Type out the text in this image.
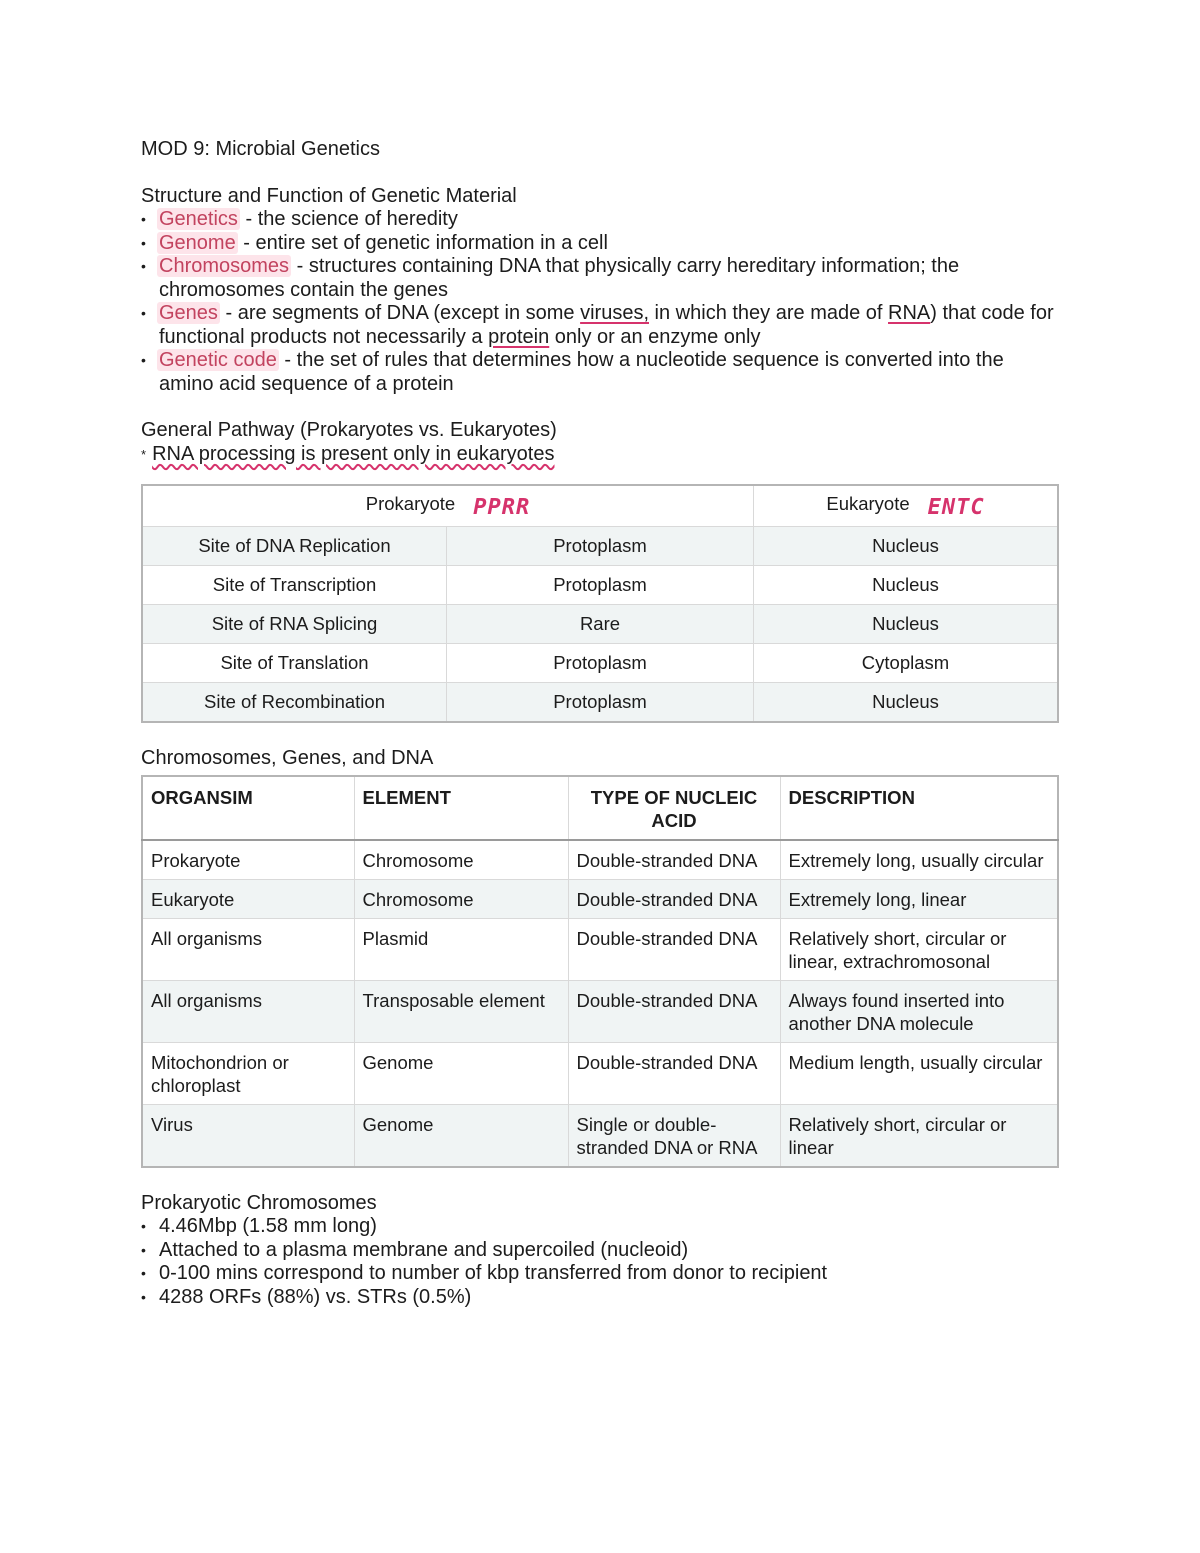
MOD 9: Microbial Genetics
Structure and Function of Genetic Material
• Genetics - the science of heredity
• Genome - entire set of genetic information in a cell
• Chromosomes - structures containing DNA that physically carry hereditary information; the chromosomes contain the genes
• Genes - are segments of DNA (except in some viruses, in which they are made of RNA) that code for functional products not necessarily a protein only or an enzyme only
• Genetic code - the set of rules that determines how a nucleotide sequence is converted into the amino acid sequence of a protein
General Pathway (Prokaryotes vs. Eukaryotes)
* RNA processing is present only in eukaryotes
Prokaryote PPRR		Eukaryote ENTC
Site of DNA Replication	Protoplasm	Nucleus
Site of Transcription	Protoplasm	Nucleus
Site of RNA Splicing	Rare	Nucleus
Site of Translation	Protoplasm	Cytoplasm
Site of Recombination	Protoplasm	Nucleus
Chromosomes, Genes, and DNA
ORGANSIM	ELEMENT	TYPE OF NUCLEIC ACID	DESCRIPTION
Prokaryote	Chromosome	Double-stranded DNA	Extremely long, usually circular
Eukaryote	Chromosome	Double-stranded DNA	Extremely long, linear
All organisms	Plasmid	Double-stranded DNA	Relatively short, circular or linear, extrachromosonal
All organisms	Transposable element	Double-stranded DNA	Always found inserted into another DNA molecule
Mitochondrion or chloroplast	Genome	Double-stranded DNA	Medium length, usually circular
Virus	Genome	Single or double-stranded DNA or RNA	Relatively short, circular or linear
Prokaryotic Chromosomes
• 4.46Mbp (1.58 mm long)
• Attached to a plasma membrane and supercoiled (nucleoid)
• 0-100 mins correspond to number of kbp transferred from donor to recipient
• 4288 ORFs (88%) vs. STRs (0.5%)
